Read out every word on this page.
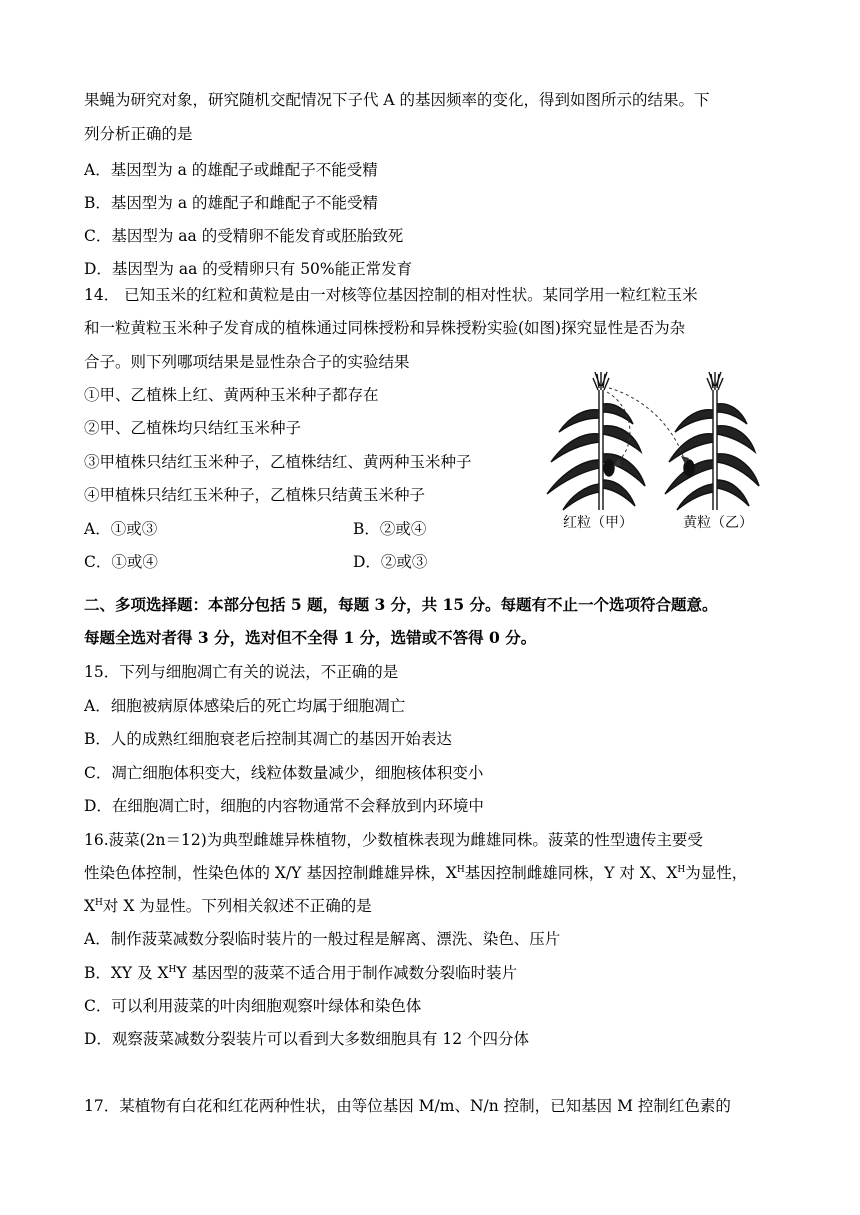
果蝇为研究对象，研究随机交配情况下子代 A 的基因频率的变化，得到如图所示的结果。下
列分析正确的是
A．基因型为 a 的雄配子或雌配子不能受精
B．基因型为 a 的雄配子和雌配子不能受精
C．基因型为 aa 的受精卵不能发育或胚胎致死
D．基因型为 aa 的受精卵只有 50%能正常发育
14． 已知玉米的红粒和黄粒是由一对核等位基因控制的相对性状。某同学用一粒红粒玉米
和一粒黄粒玉米种子发育成的植株通过同株授粉和异株授粉实验(如图)探究显性是否为杂
合子。则下列哪项结果是显性杂合子的实验结果
①甲、乙植株上红、黄两种玉米种子都存在
②甲、乙植株均只结红玉米种子
③甲植株只结红玉米种子，乙植株结红、黄两种玉米种子
④甲植株只结红玉米种子，乙植株只结黄玉米种子
A．①或③	B．②或④
C．①或④	D．②或③
红粒（甲）	黄粒（乙）
二、多项选择题：本部分包括 5 题，每题 3 分，共 15 分。每题有不止一个选项符合题意。
每题全选对者得 3 分，选对但不全得 1 分，选错或不答得 0 分。
15．下列与细胞凋亡有关的说法，不正确的是
A．细胞被病原体感染后的死亡均属于细胞凋亡
B．人的成熟红细胞衰老后控制其凋亡的基因开始表达
C．凋亡细胞体积变大，线粒体数量减少，细胞核体积变小
D．在细胞凋亡时，细胞的内容物通常不会释放到内环境中
16.菠菜(2n＝12)为典型雌雄异株植物，少数植株表现为雌雄同株。菠菜的性型遗传主要受
性染色体控制，性染色体的 X/Y 基因控制雌雄异株，$X^H$基因控制雌雄同株，Y 对 X、$X^H$为显性，
$X^H$对 X 为显性。下列相关叙述不正确的是
A．制作菠菜减数分裂临时装片的一般过程是解离、漂洗、染色、压片
B．XY 及 $X^HY$ 基因型的菠菜不适合用于制作减数分裂临时装片
C．可以利用菠菜的叶肉细胞观察叶绿体和染色体
D．观察菠菜减数分裂装片可以看到大多数细胞具有 12 个四分体
17．某植物有白花和红花两种性状，由等位基因 M/m、N/n 控制，已知基因 M 控制红色素的
